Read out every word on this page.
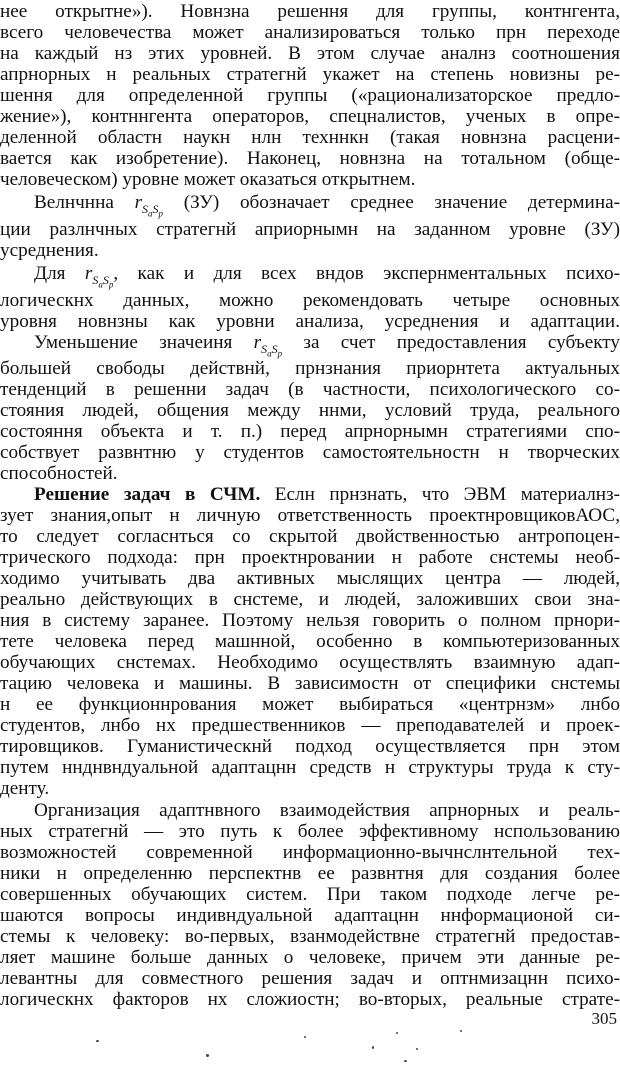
нее открытне»). Новнзна решення для группы, контнгента,
всего человечества может анализироваться только прн переходе
на каждый нз этих уровней. В этом случае аналнз соотношения
апрнорных н реальных стратегнй укажет на степень новизны ре-
шення для определенной группы («рационализаторское предло-
жение»), контннгента операторов, спецналистов, ученых в опре-
деленной областн наукн нлн техннкн (такая новнзна расцени-
вается как изобретение). Наконец, новнзна на тотальном (обще-
человеческом) уровне может оказаться открытнем.
Велнчнна $r_{S_aS_p}$ (ЗУ) обозначает среднее значение детермина-
ции разлнчных стратегнй априорнымн на заданном уровне (ЗУ)
усреднения.
Для $r_{S_aS_p}$, как и для всех вндов экспернментальных психо-
логическнх данных, можно рекомендовать четыре основных
уровня новнзны как уровни анализа, усреднения и адаптации.
Уменьшение значеиня $r_{S_aS_p}$ за счет предоставления субъекту
большей свободы действнй, прнзнания приорнтета актуальных
тенденций в решенни задач (в частности, психологического со-
стояния людей, общения между ннми, условий труда, реального
состояння объекта и т. п.) перед апрнорнымн стратегиями спо-
собствует развнтню у студентов самостоятельностн н творческих
способностей.
Решение задач в СЧМ. Еслн прнзнать, что ЭВМ материалнз-
зует знания,опыт н личную ответственность проектнровщиковАОС,
то следует согласнться со скрытой двойственностью антропоцен-
трического подхода: прн проектнровании н работе снстемы необ-
ходимо учитывать два активных мыслящих центра — людей,
реально действующих в снстеме, и людей, заложивших свои зна-
ния в систему заранее. Поэтому нельзя говорить о полном прнори-
тете человека перед машнной, особенно в компьютеризованных
обучающих снстемах. Необходимо осуществлять взаимную адап-
тацию человека и машины. В зависимостн от специфики снстемы
н ее функционнрования может выбираться «центрнзм» лнбо
студентов, лнбо нх предшественников — преподавателей и проек-
тировщиков. Гуманистическнй подход осуществляется прн этом
путем ннднвндуальной адаптацнн средств н структуры труда к сту-
денту.
Организация адаптнвного взаимодействия апрнорных и реаль-
ных стратегнй — это путь к более эффективному нспользованию
возможностей современной информационно-вычнслнтельной тех-
ники н определенню перспектнв ее развнтня для создания более
совершенных обучающих систем. При таком подходе легче ре-
шаются вопросы индивндуальной адаптацнн ннформационой си-
стемы к человеку: во-первых, взанмодействне стратегнй предостав-
ляет машине больше данных о человеке, причем эти данные ре-
левантны для совместного решения задач и оптнмизацнн психо-
логическнх факторов нх сложиостн; во-вторых, реальные страте-
305
